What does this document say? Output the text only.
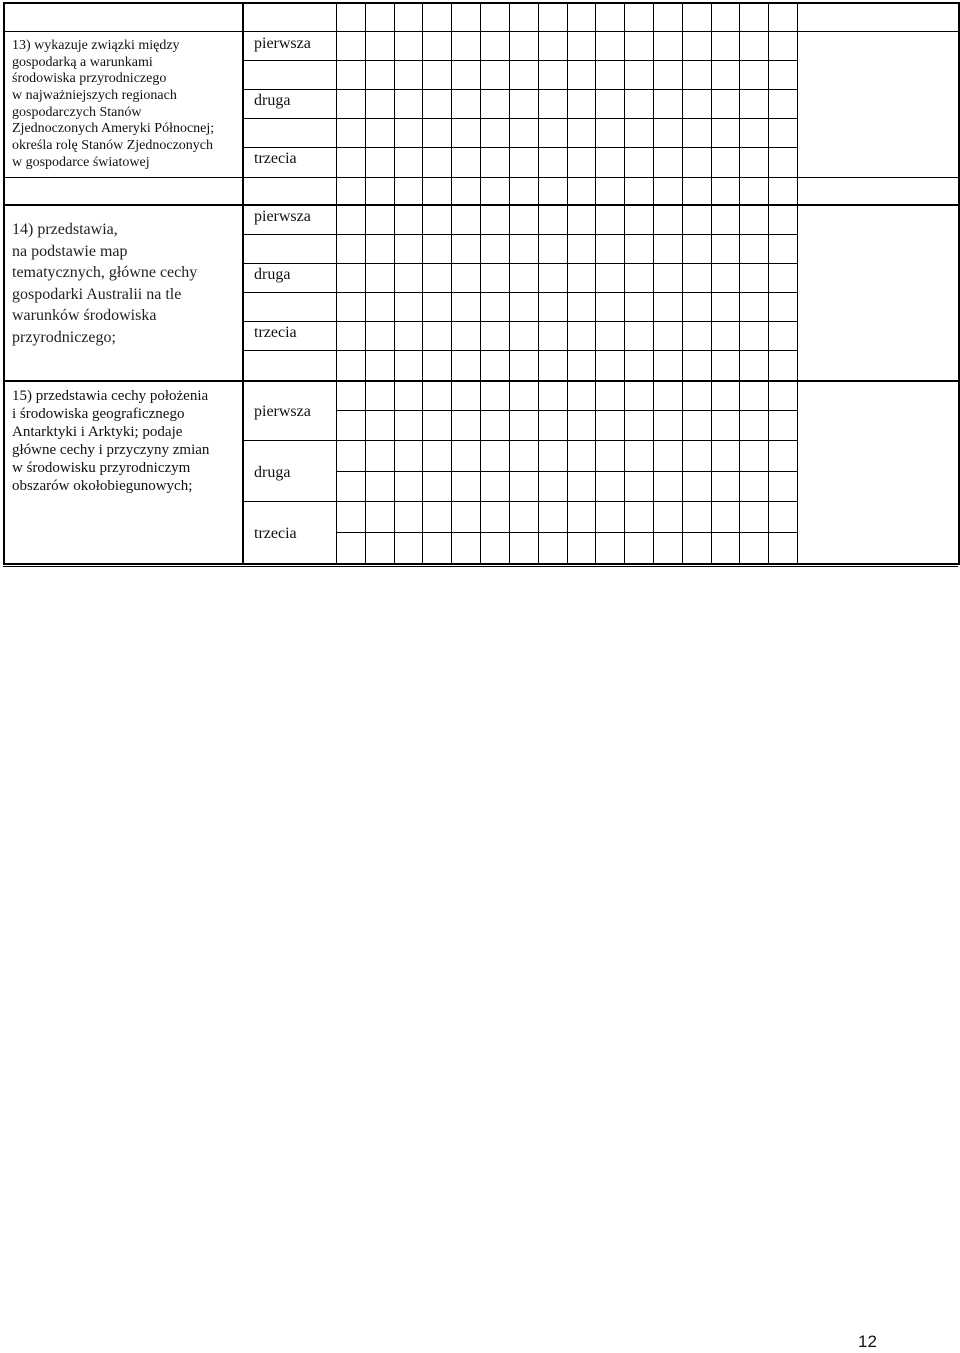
13) wykazuje związki między
gospodarką a warunkami
środowiska przyrodniczego
w najważniejszych regionach
gospodarczych Stanów
Zjednoczonych Ameryki Północnej;
określa rolę Stanów Zjednoczonych
w gospodarce światowej
14) przedstawia,
na podstawie map
tematycznych, główne cechy
gospodarki Australii na tle
warunków środowiska
przyrodniczego;
15) przedstawia cechy położenia
i środowiska geograficznego
Antarktyki i Arktyki; podaje
główne cechy i przyczyny zmian
w środowisku przyrodniczym
obszarów okołobiegunowych;
pierwsza
druga
trzecia
pierwsza
druga
trzecia
pierwsza
druga
trzecia
12
